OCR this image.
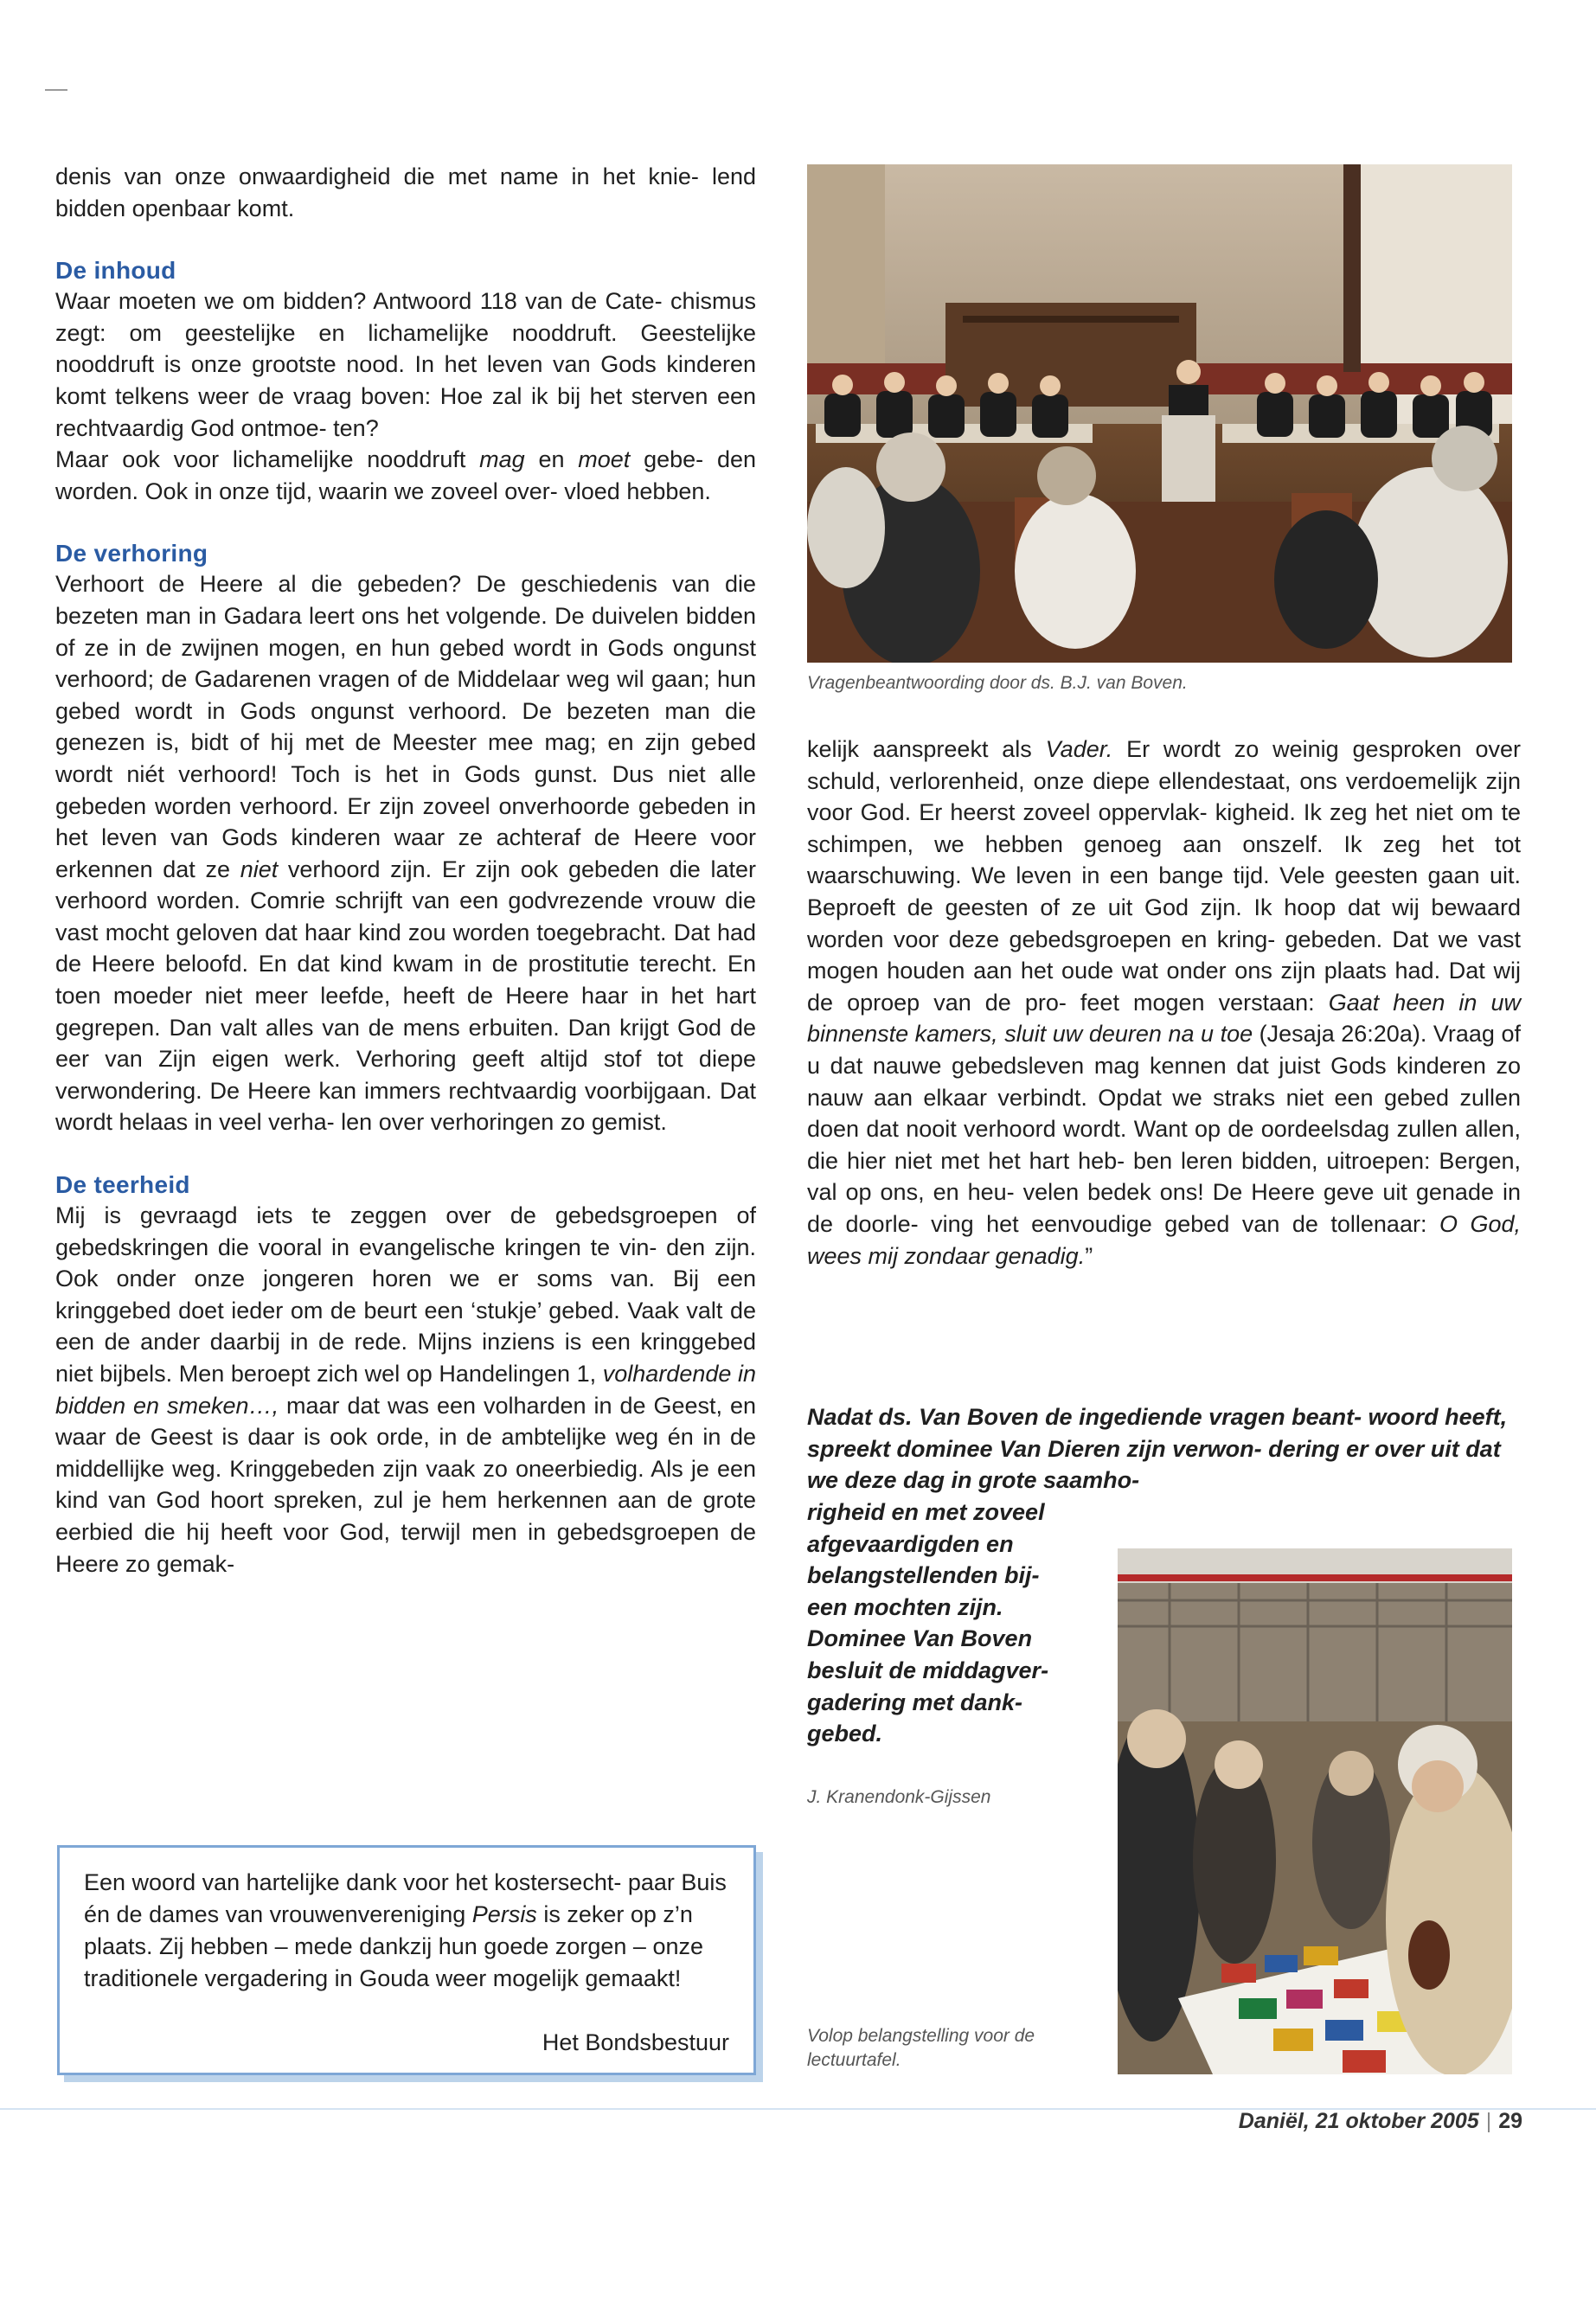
denis van onze onwaardigheid die met name in het knie- lend bidden openbaar komt.

De inhoud

Waar moeten we om bidden? Antwoord 118 van de Cate- chismus zegt: om geestelijke en lichamelijke nooddruft. Geestelijke nooddruft is onze grootste nood. In het leven van Gods kinderen komt telkens weer de vraag boven: Hoe zal ik bij het sterven een rechtvaardig God ontmoe- ten?

Maar ook voor lichamelijke nooddruft mag en moet gebe- den worden. Ook in onze tijd, waarin we zoveel over- vloed hebben.

De verhoring

Verhoort de Heere al die gebeden? De geschiedenis van die bezeten man in Gadara leert ons het volgende. De duivelen bidden of ze in de zwijnen mogen, en hun gebed wordt in Gods ongunst verhoord; de Gadarenen vragen of de Middelaar weg wil gaan; hun gebed wordt in Gods ongunst verhoord. De bezeten man die genezen is, bidt of hij met de Meester mee mag; en zijn gebed wordt niét verhoord! Toch is het in Gods gunst. Dus niet alle gebeden worden verhoord. Er zijn zoveel onverhoorde gebeden in het leven van Gods kinderen waar ze achteraf de Heere voor erkennen dat ze niet verhoord zijn. Er zijn ook gebeden die later verhoord worden. Comrie schrijft van een godvrezende vrouw die vast mocht geloven dat haar kind zou worden toegebracht. Dat had de Heere beloofd. En dat kind kwam in de prostitutie terecht. En toen moeder niet meer leefde, heeft de Heere haar in het hart gegrepen. Dan valt alles van de mens erbuiten. Dan krijgt God de eer van Zijn eigen werk. Verhoring geeft altijd stof tot diepe verwondering. De Heere kan immers rechtvaardig voorbijgaan. Dat wordt helaas in veel verha- len over verhoringen zo gemist.

De teerheid

Mij is gevraagd iets te zeggen over de gebedsgroepen of gebedskringen die vooral in evangelische kringen te vin- den zijn. Ook onder onze jongeren horen we er soms van. Bij een kringgebed doet ieder om de beurt een ‘stukje’ gebed. Vaak valt de een de ander daarbij in de rede. Mijns inziens is een kringgebed niet bijbels. Men beroept zich wel op Handelingen 1, volhardende in bidden en smeken…, maar dat was een volharden in de Geest, en waar de Geest is daar is ook orde, in de ambtelijke weg én in de middellijke weg. Kringgebeden zijn vaak zo oneerbiedig. Als je een kind van God hoort spreken, zul je hem herkennen aan de grote eerbied die hij heeft voor God, terwijl men in gebedsgroepen de Heere zo gemak-

Vragenbeantwoording door ds. B.J. van Boven.

kelijk aanspreekt als Vader. Er wordt zo weinig gesproken over schuld, verlorenheid, onze diepe ellendestaat, ons verdoemelijk zijn voor God. Er heerst zoveel oppervlak- kigheid. Ik zeg het niet om te schimpen, we hebben genoeg aan onszelf. Ik zeg het tot waarschuwing. We leven in een bange tijd. Vele geesten gaan uit. Beproeft de geesten of ze uit God zijn. Ik hoop dat wij bewaard worden voor deze gebedsgroepen en kring- gebeden. Dat we vast mogen houden aan het oude wat onder ons zijn plaats had. Dat wij de oproep van de pro- feet mogen verstaan: Gaat heen in uw binnenste kamers, sluit uw deuren na u toe (Jesaja 26:20a). Vraag of u dat nauwe gebedsleven mag kennen dat juist Gods kinderen zo nauw aan elkaar verbindt. Opdat we straks niet een gebed zullen doen dat nooit verhoord wordt. Want op de oordeelsdag zullen allen, die hier niet met het hart heb- ben leren bidden, uitroepen: Bergen, val op ons, en heu- velen bedek ons! De Heere geve uit genade in de doorle- ving het eenvoudige gebed van de tollenaar: O God, wees mij zondaar genadig.”

Nadat ds. Van Boven de ingediende vragen beant- woord heeft, spreekt dominee Van Dieren zijn verwon- dering er over uit dat we deze dag in grote saamho-

righeid en met zoveel afgevaardigden en belangstellenden bij- een mochten zijn. Dominee Van Boven besluit de middagver- gadering met dank- gebed.

J. Kranendonk-Gijssen

Volop belangstelling voor de lectuurtafel.

Een woord van hartelijke dank voor het kostersecht- paar Buis én de dames van vrouwenvereniging Persis is zeker op z’n plaats. Zij hebben – mede dankzij hun goede zorgen – onze traditionele vergadering in Gouda weer mogelijk gemaakt!

Het Bondsbestuur
Daniël, 21 oktober 2005 | 29
